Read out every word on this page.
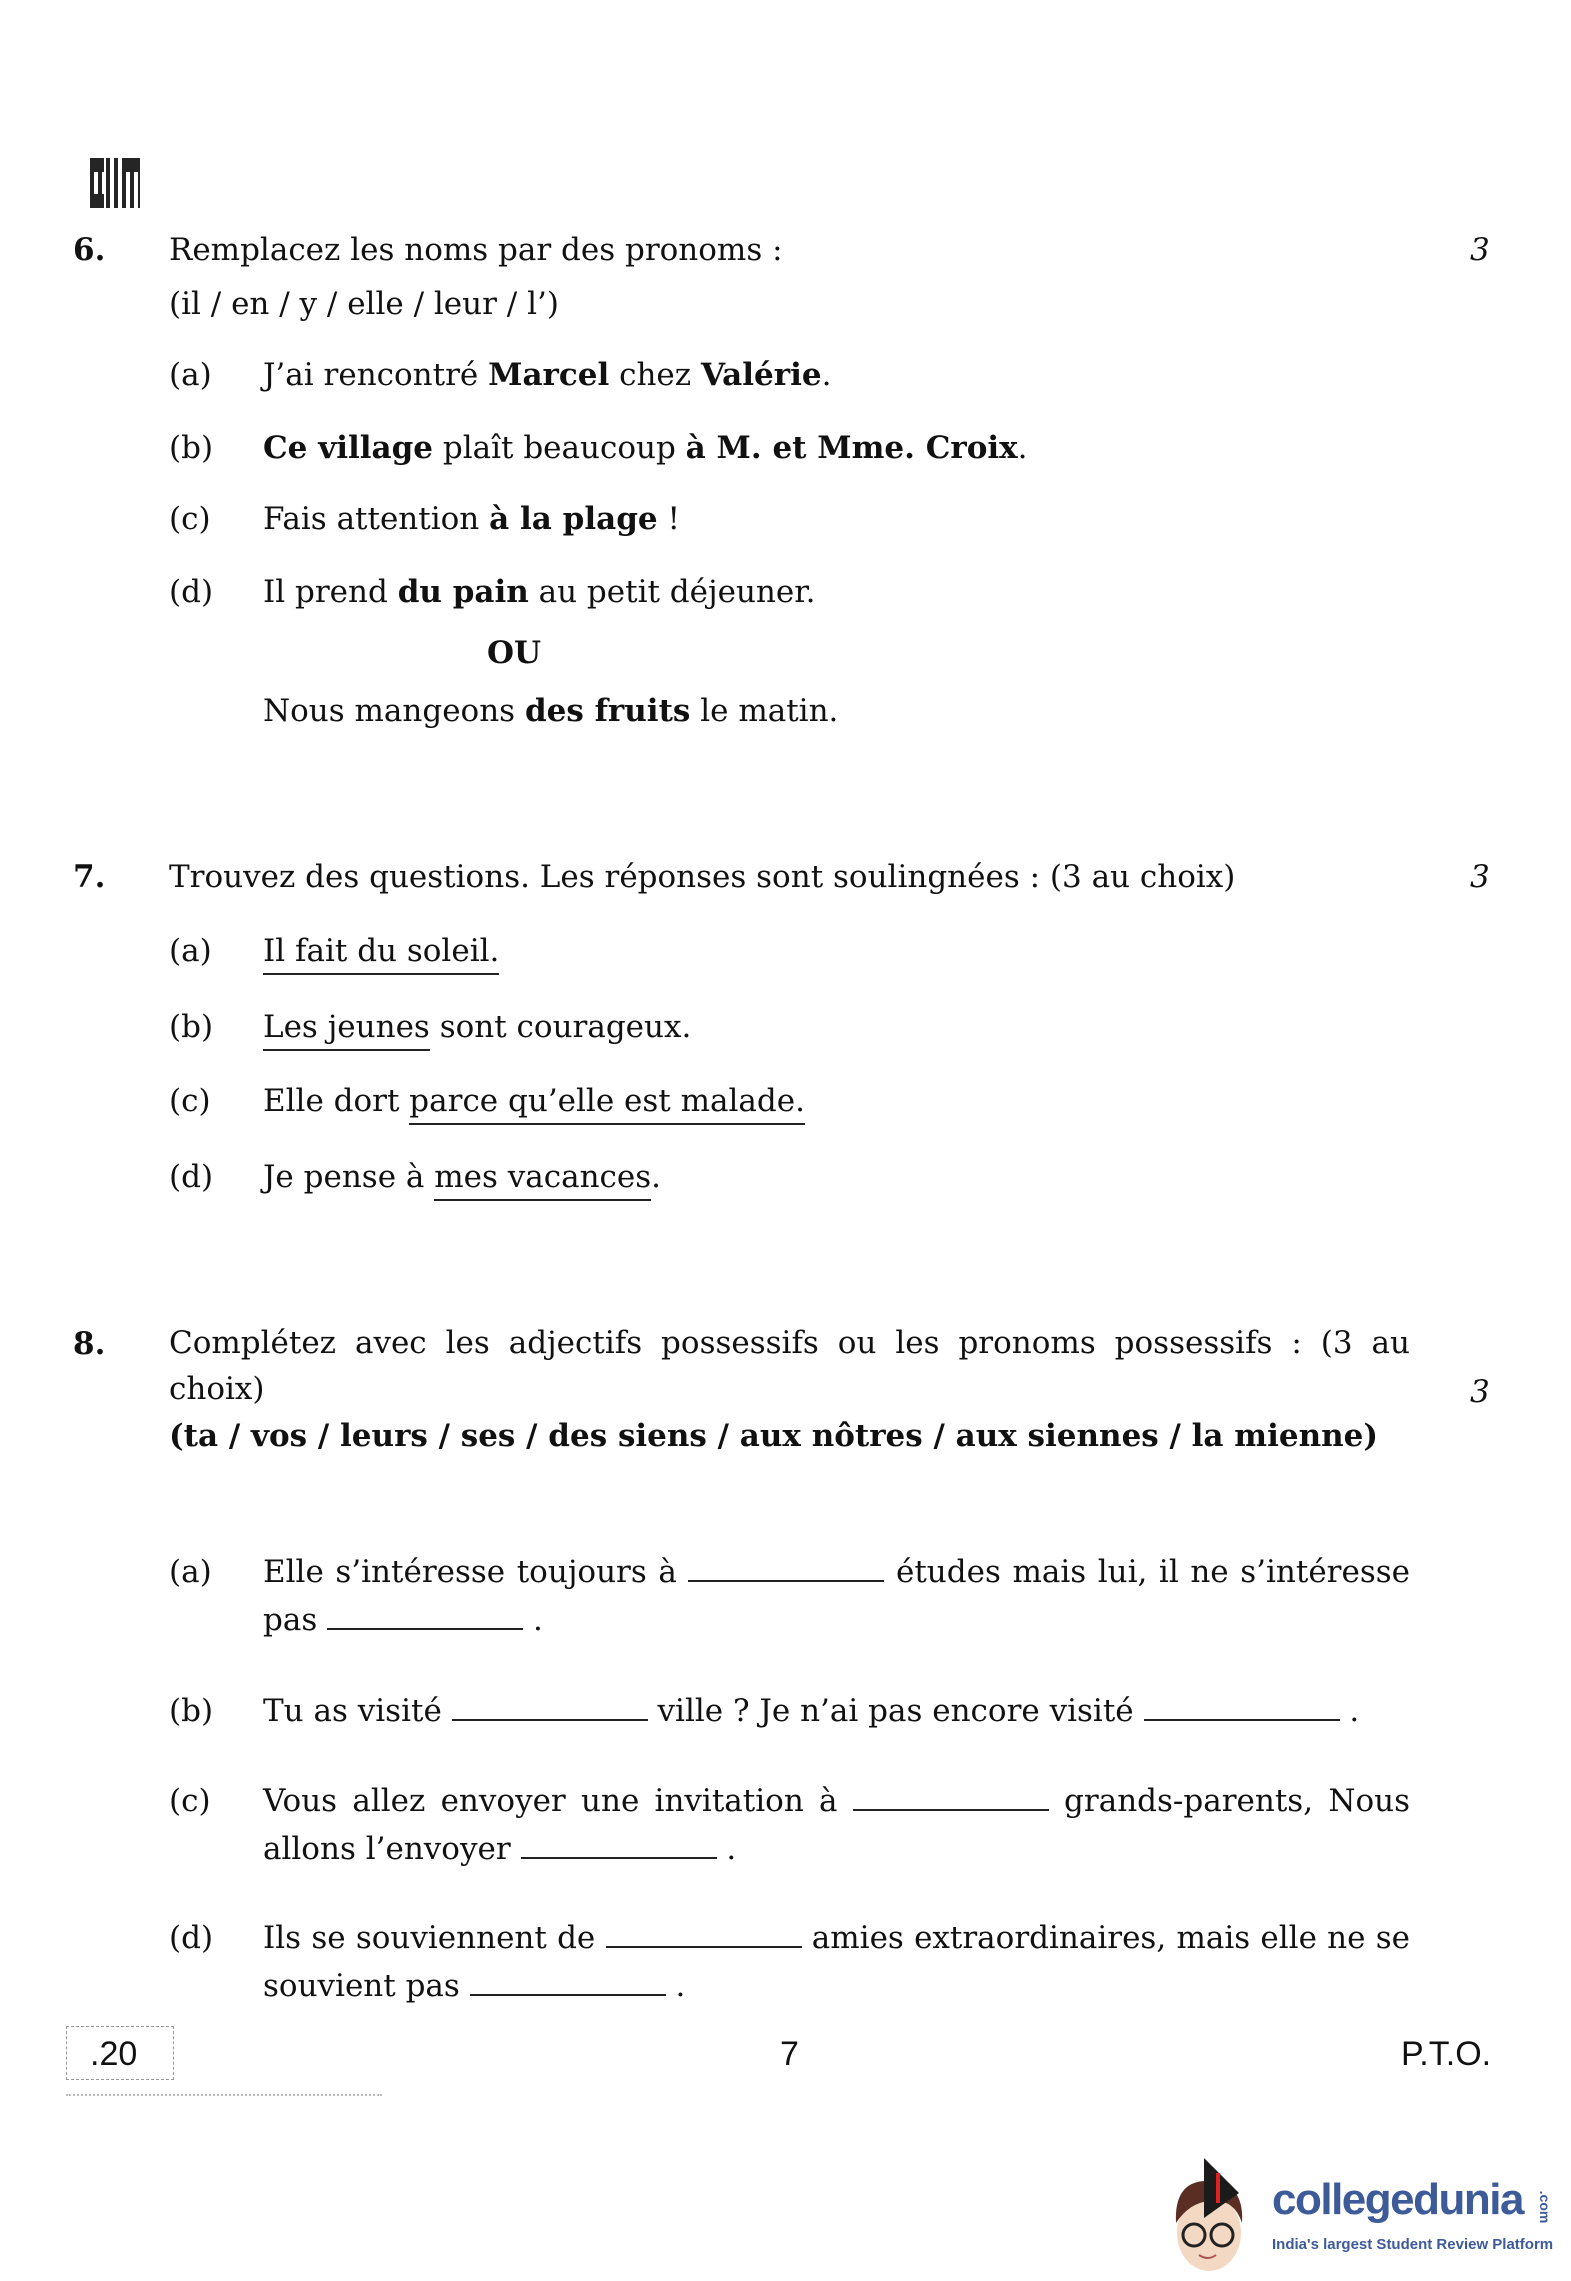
6. Remplacez les noms par des pronoms :	3
(il / en / y / elle / leur / l’)
(a) J’ai rencontré Marcel chez Valérie.
(b) Ce village plaît beaucoup à M. et Mme. Croix.
(c) Fais attention à la plage !
(d) Il prend du pain au petit déjeuner.
OU
Nous mangeons des fruits le matin.
7. Trouvez des questions. Les réponses sont soulingnées : (3 au choix)	3
(a) Il fait du soleil.
(b) Les jeunes sont courageux.
(c) Elle dort parce qu’elle est malade.
(d) Je pense à mes vacances.
8. Complétez avec les adjectifs possessifs ou les pronoms possessifs : (3 au choix)	3
(ta / vos / leurs / ses / des siens / aux nôtres / aux siennes / la mienne)
(a) Elle s’intéresse toujours à	études mais lui, il ne s’intéresse pas	.
(b) Tu as visité	ville ? Je n’ai pas encore visité	.
(c) Vous allez envoyer une invitation à	grands-parents, Nous allons l’envoyer	.
(d) Ils se souviennent de	amies extraordinaires, mais elle ne se souvient pas	.
.20	7	P.T.O.
collegedunia .com
India's largest Student Review Platform
